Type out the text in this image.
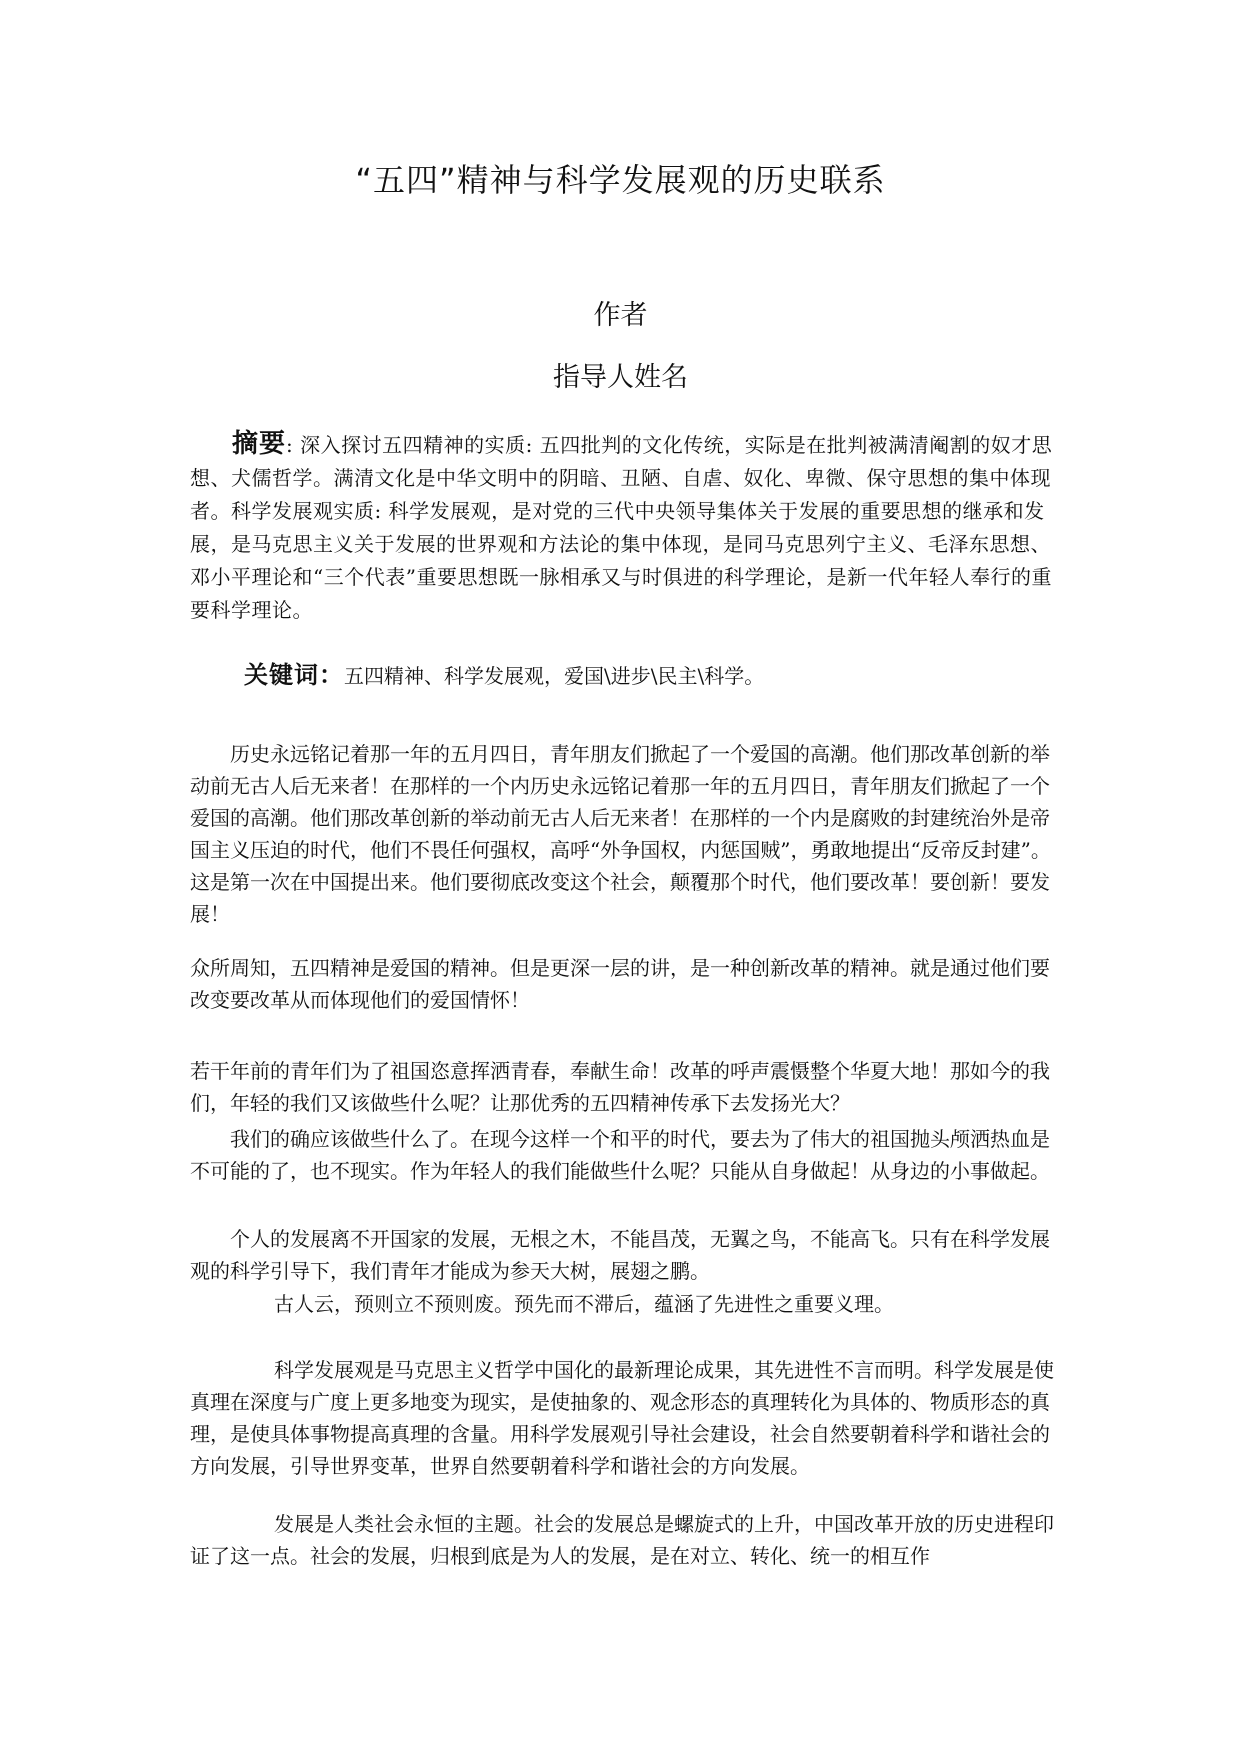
“五四”精神与科学发展观的历史联系
作者
指导人姓名
摘要: 深入探讨五四精神的实质: 五四批判的文化传统，实际是在批判被满清阉割的奴才思想、犬儒哲学。满清文化是中华文明中的阴暗、丑陋、自虐、奴化、卑微、保守思想的集中体现者。科学发展观实质: 科学发展观，是对党的三代中央领导集体关于发展的重要思想的继承和发展，是马克思主义关于发展的世界观和方法论的集中体现，是同马克思列宁主义、毛泽东思想、邓小平理论和“三个代表”重要思想既一脉相承又与时俱进的科学理论，是新一代年轻人奉行的重要科学理论。
关键词：五四精神、科学发展观，爱国\进步\民主\科学。
历史永远铭记着那一年的五月四日，青年朋友们掀起了一个爱国的高潮。他们那改革创新的举动前无古人后无来者！在那样的一个内历史永远铭记着那一年的五月四日，青年朋友们掀起了一个爱国的高潮。他们那改革创新的举动前无古人后无来者！在那样的一个内是腐败的封建统治外是帝国主义压迫的时代，他们不畏任何强权，高呼“外争国权，内惩国贼”，勇敢地提出“反帝反封建”。这是第一次在中国提出来。他们要彻底改变这个社会，颠覆那个时代，他们要改革！要创新！要发展！
众所周知，五四精神是爱国的精神。但是更深一层的讲，是一种创新改革的精神。就是通过他们要改变要改革从而体现他们的爱国情怀！
若干年前的青年们为了祖国恣意挥洒青春，奉献生命！改革的呼声震慑整个华夏大地！那如今的我们，年轻的我们又该做些什么呢？让那优秀的五四精神传承下去发扬光大？
我们的确应该做些什么了。在现今这样一个和平的时代，要去为了伟大的祖国抛头颅洒热血是不可能的了，也不现实。作为年轻人的我们能做些什么呢？只能从自身做起！从身边的小事做起。
个人的发展离不开国家的发展，无根之木，不能昌茂，无翼之鸟，不能高飞。只有在科学发展观的科学引导下，我们青年才能成为参天大树，展翅之鹏。
古人云，预则立不预则废。预先而不滞后，蕴涵了先进性之重要义理。
科学发展观是马克思主义哲学中国化的最新理论成果，其先进性不言而明。科学发展是使真理在深度与广度上更多地变为现实，是使抽象的、观念形态的真理转化为具体的、物质形态的真理，是使具体事物提高真理的含量。用科学发展观引导社会建设，社会自然要朝着科学和谐社会的方向发展，引导世界变革，世界自然要朝着科学和谐社会的方向发展。
发展是人类社会永恒的主题。社会的发展总是螺旋式的上升，中国改革开放的历史进程印证了这一点。社会的发展，归根到底是为人的发展，是在对立、转化、统一的相互作
